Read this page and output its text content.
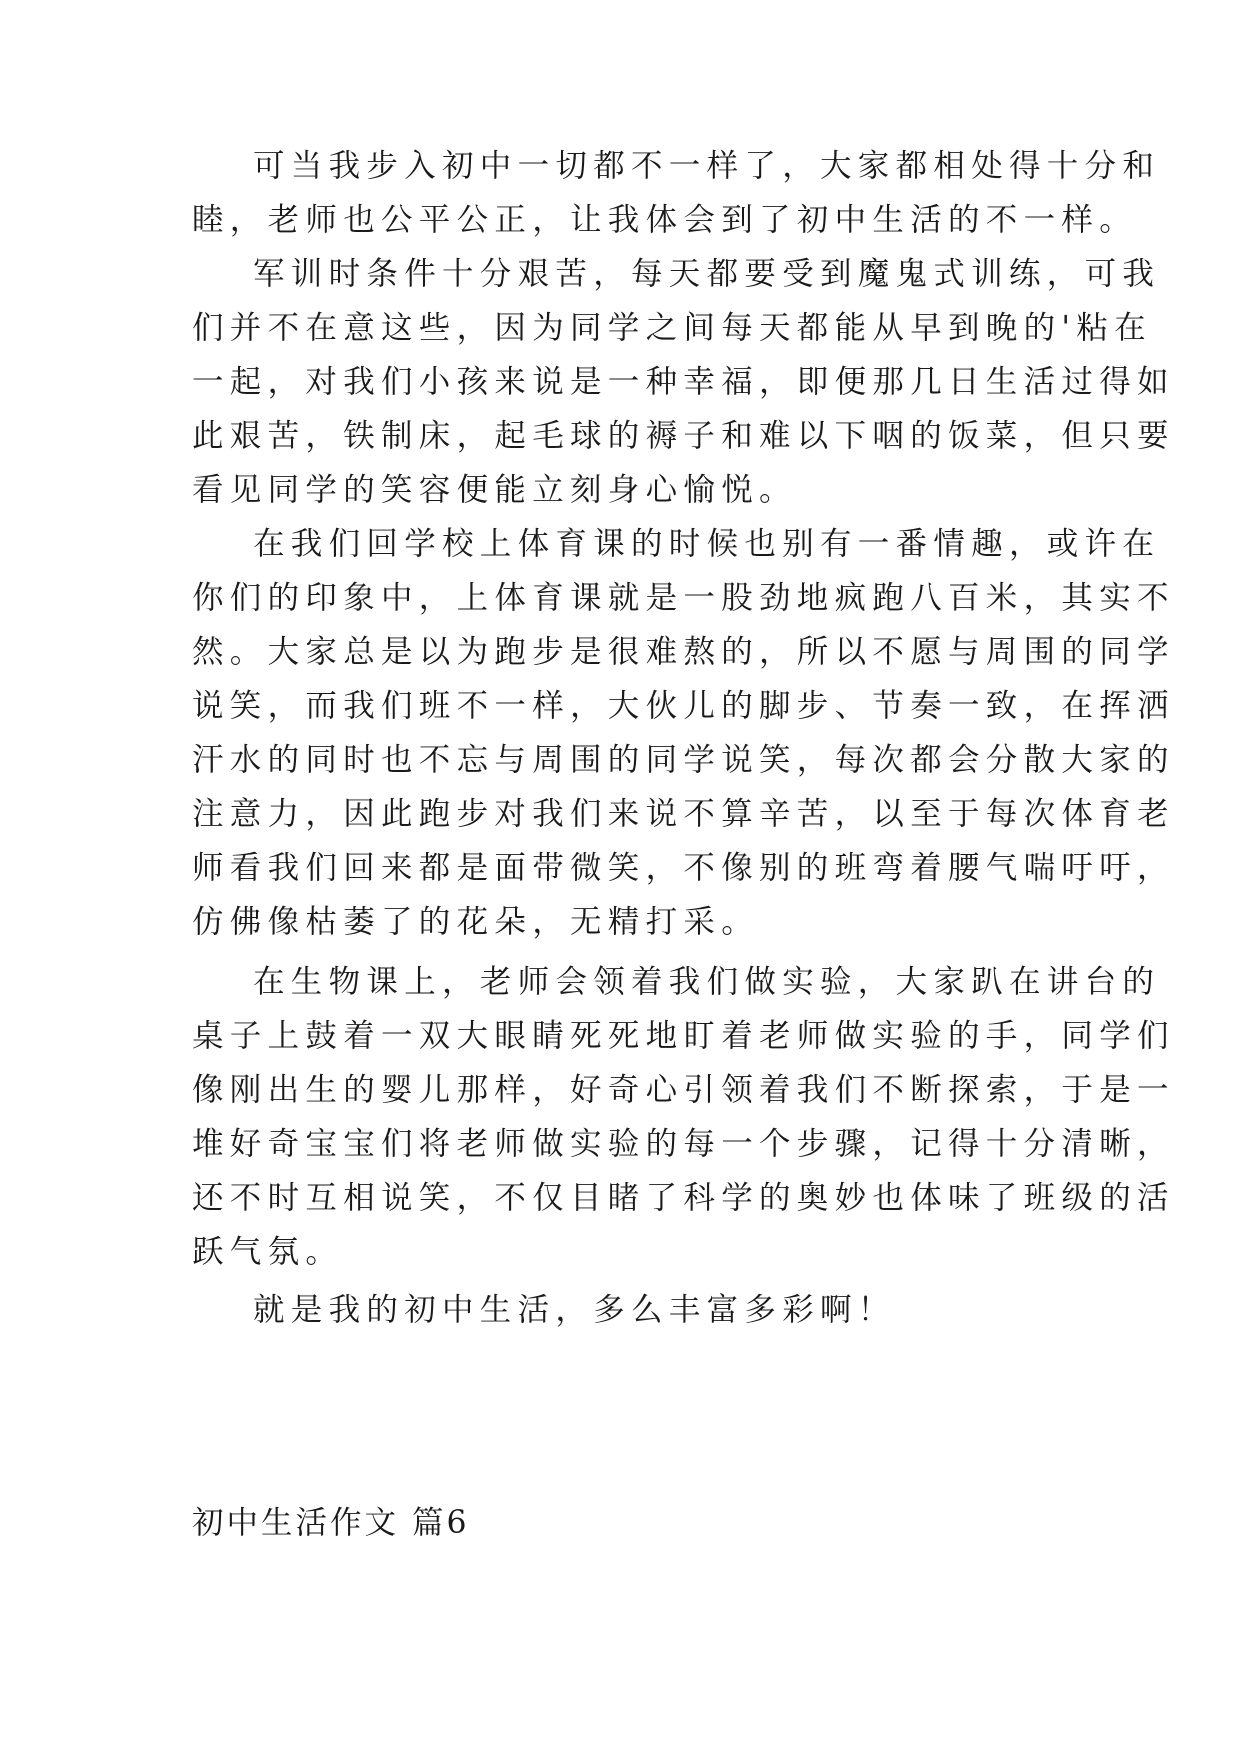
可当我步入初中一切都不一样了，大家都相处得十分和
睦，老师也公平公正，让我体会到了初中生活的不一样。
军训时条件十分艰苦，每天都要受到魔鬼式训练，可我
们并不在意这些，因为同学之间每天都能从早到晚的'粘在
一起，对我们小孩来说是一种幸福，即便那几日生活过得如
此艰苦，铁制床，起毛球的褥子和难以下咽的饭菜，但只要
看见同学的笑容便能立刻身心愉悦。
在我们回学校上体育课的时候也别有一番情趣，或许在
你们的印象中，上体育课就是一股劲地疯跑八百米，其实不
然。大家总是以为跑步是很难熬的，所以不愿与周围的同学
说笑，而我们班不一样，大伙儿的脚步、节奏一致，在挥洒
汗水的同时也不忘与周围的同学说笑，每次都会分散大家的
注意力，因此跑步对我们来说不算辛苦，以至于每次体育老
师看我们回来都是面带微笑，不像别的班弯着腰气喘吁吁，
仿佛像枯萎了的花朵，无精打采。
在生物课上，老师会领着我们做实验，大家趴在讲台的
桌子上鼓着一双大眼睛死死地盯着老师做实验的手，同学们
像刚出生的婴儿那样，好奇心引领着我们不断探索，于是一
堆好奇宝宝们将老师做实验的每一个步骤，记得十分清晰，
还不时互相说笑，不仅目睹了科学的奥妙也体味了班级的活
跃气氛。
就是我的初中生活，多么丰富多彩啊！
初中生活作文 篇6
